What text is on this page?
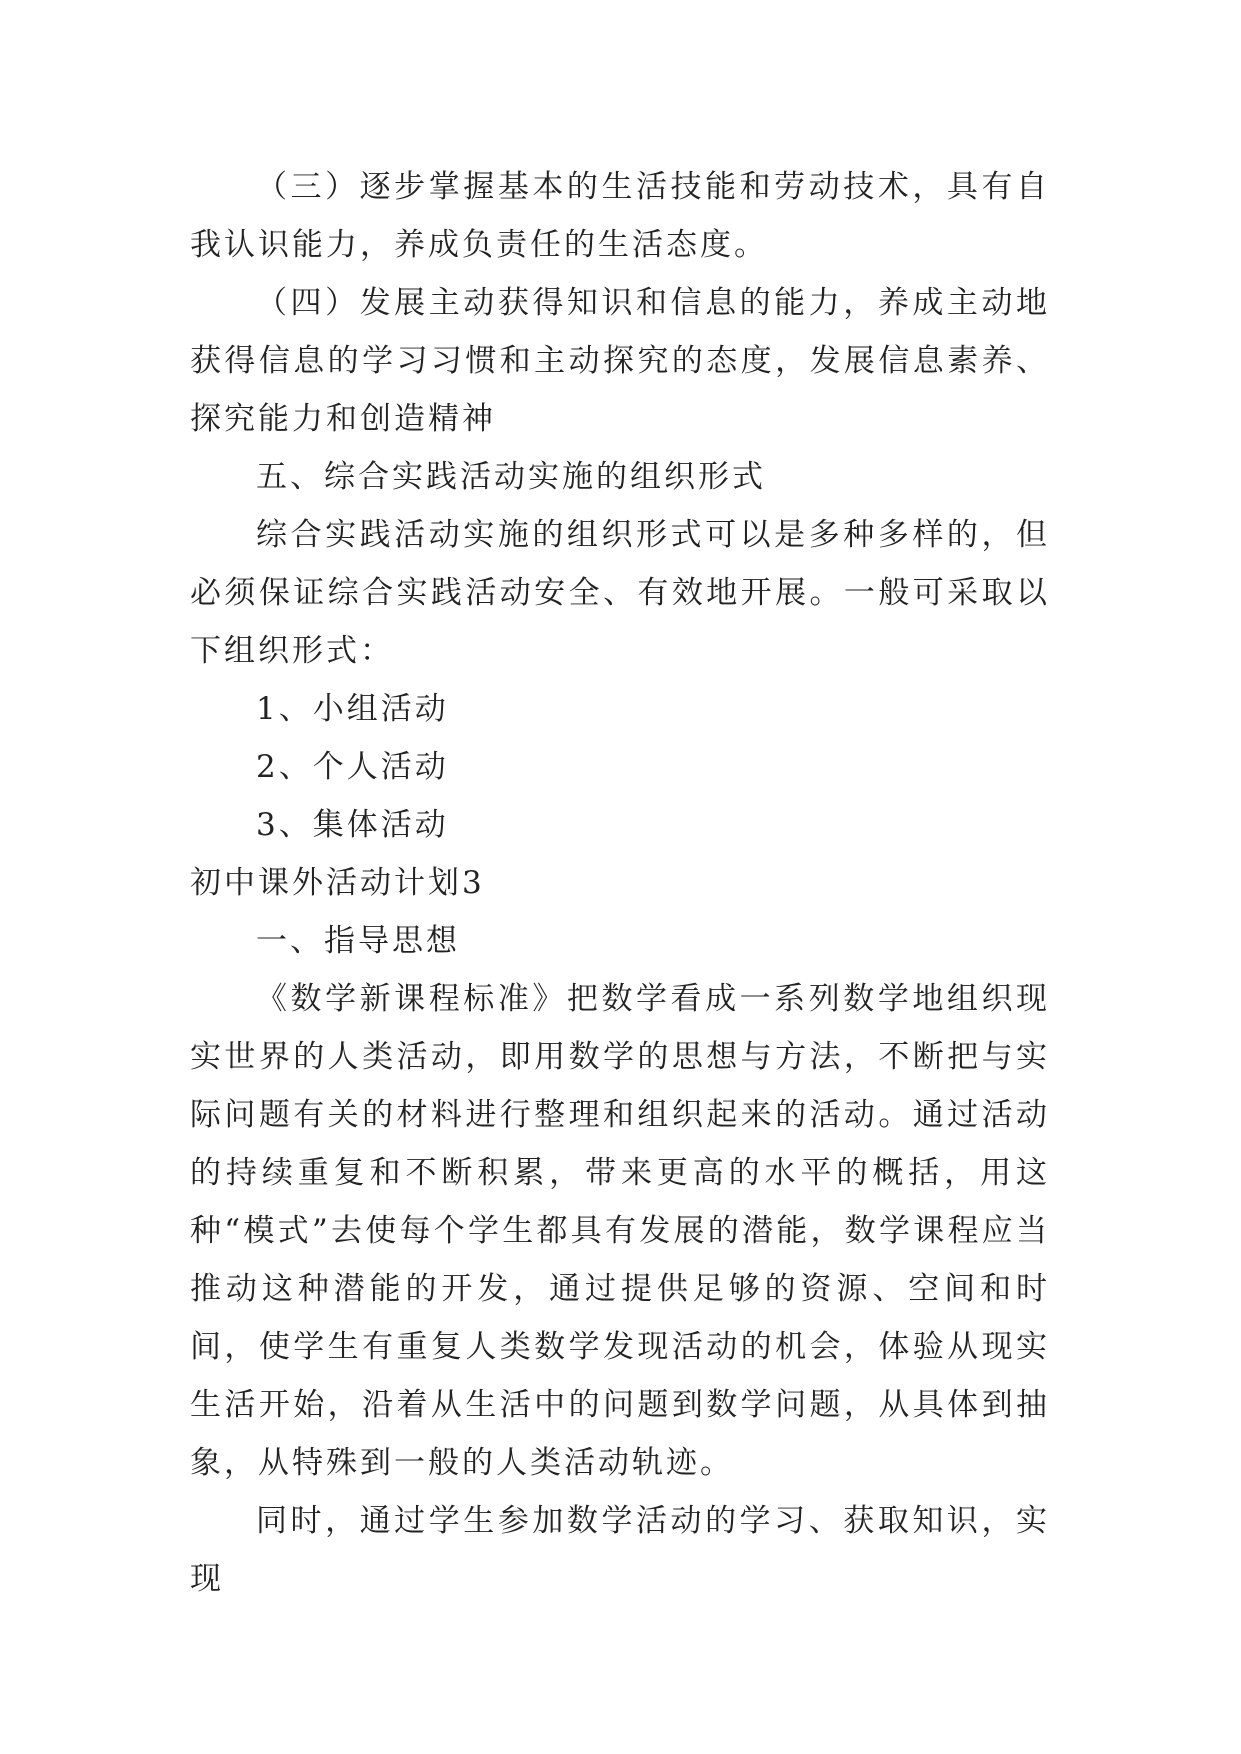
（三）逐步掌握基本的生活技能和劳动技术，具有自我认识能力，养成负责任的生活态度。

（四）发展主动获得知识和信息的能力，养成主动地获得信息的学习习惯和主动探究的态度，发展信息素养、探究能力和创造精神

五、综合实践活动实施的组织形式

综合实践活动实施的组织形式可以是多种多样的，但必须保证综合实践活动安全、有效地开展。一般可采取以下组织形式：

1、小组活动

2、个人活动

3、集体活动

初中课外活动计划3

一、指导思想

《数学新课程标准》把数学看成一系列数学地组织现实世界的人类活动，即用数学的思想与方法，不断把与实际问题有关的材料进行整理和组织起来的活动。通过活动的持续重复和不断积累，带来更高的水平的概括，用这种“模式”去使每个学生都具有发展的潜能，数学课程应当推动这种潜能的开发，通过提供足够的资源、空间和时间，使学生有重复人类数学发现活动的机会，体验从现实生活开始，沿着从生活中的问题到数学问题，从具体到抽象，从特殊到一般的人类活动轨迹。

同时，通过学生参加数学活动的学习、获取知识，实现
